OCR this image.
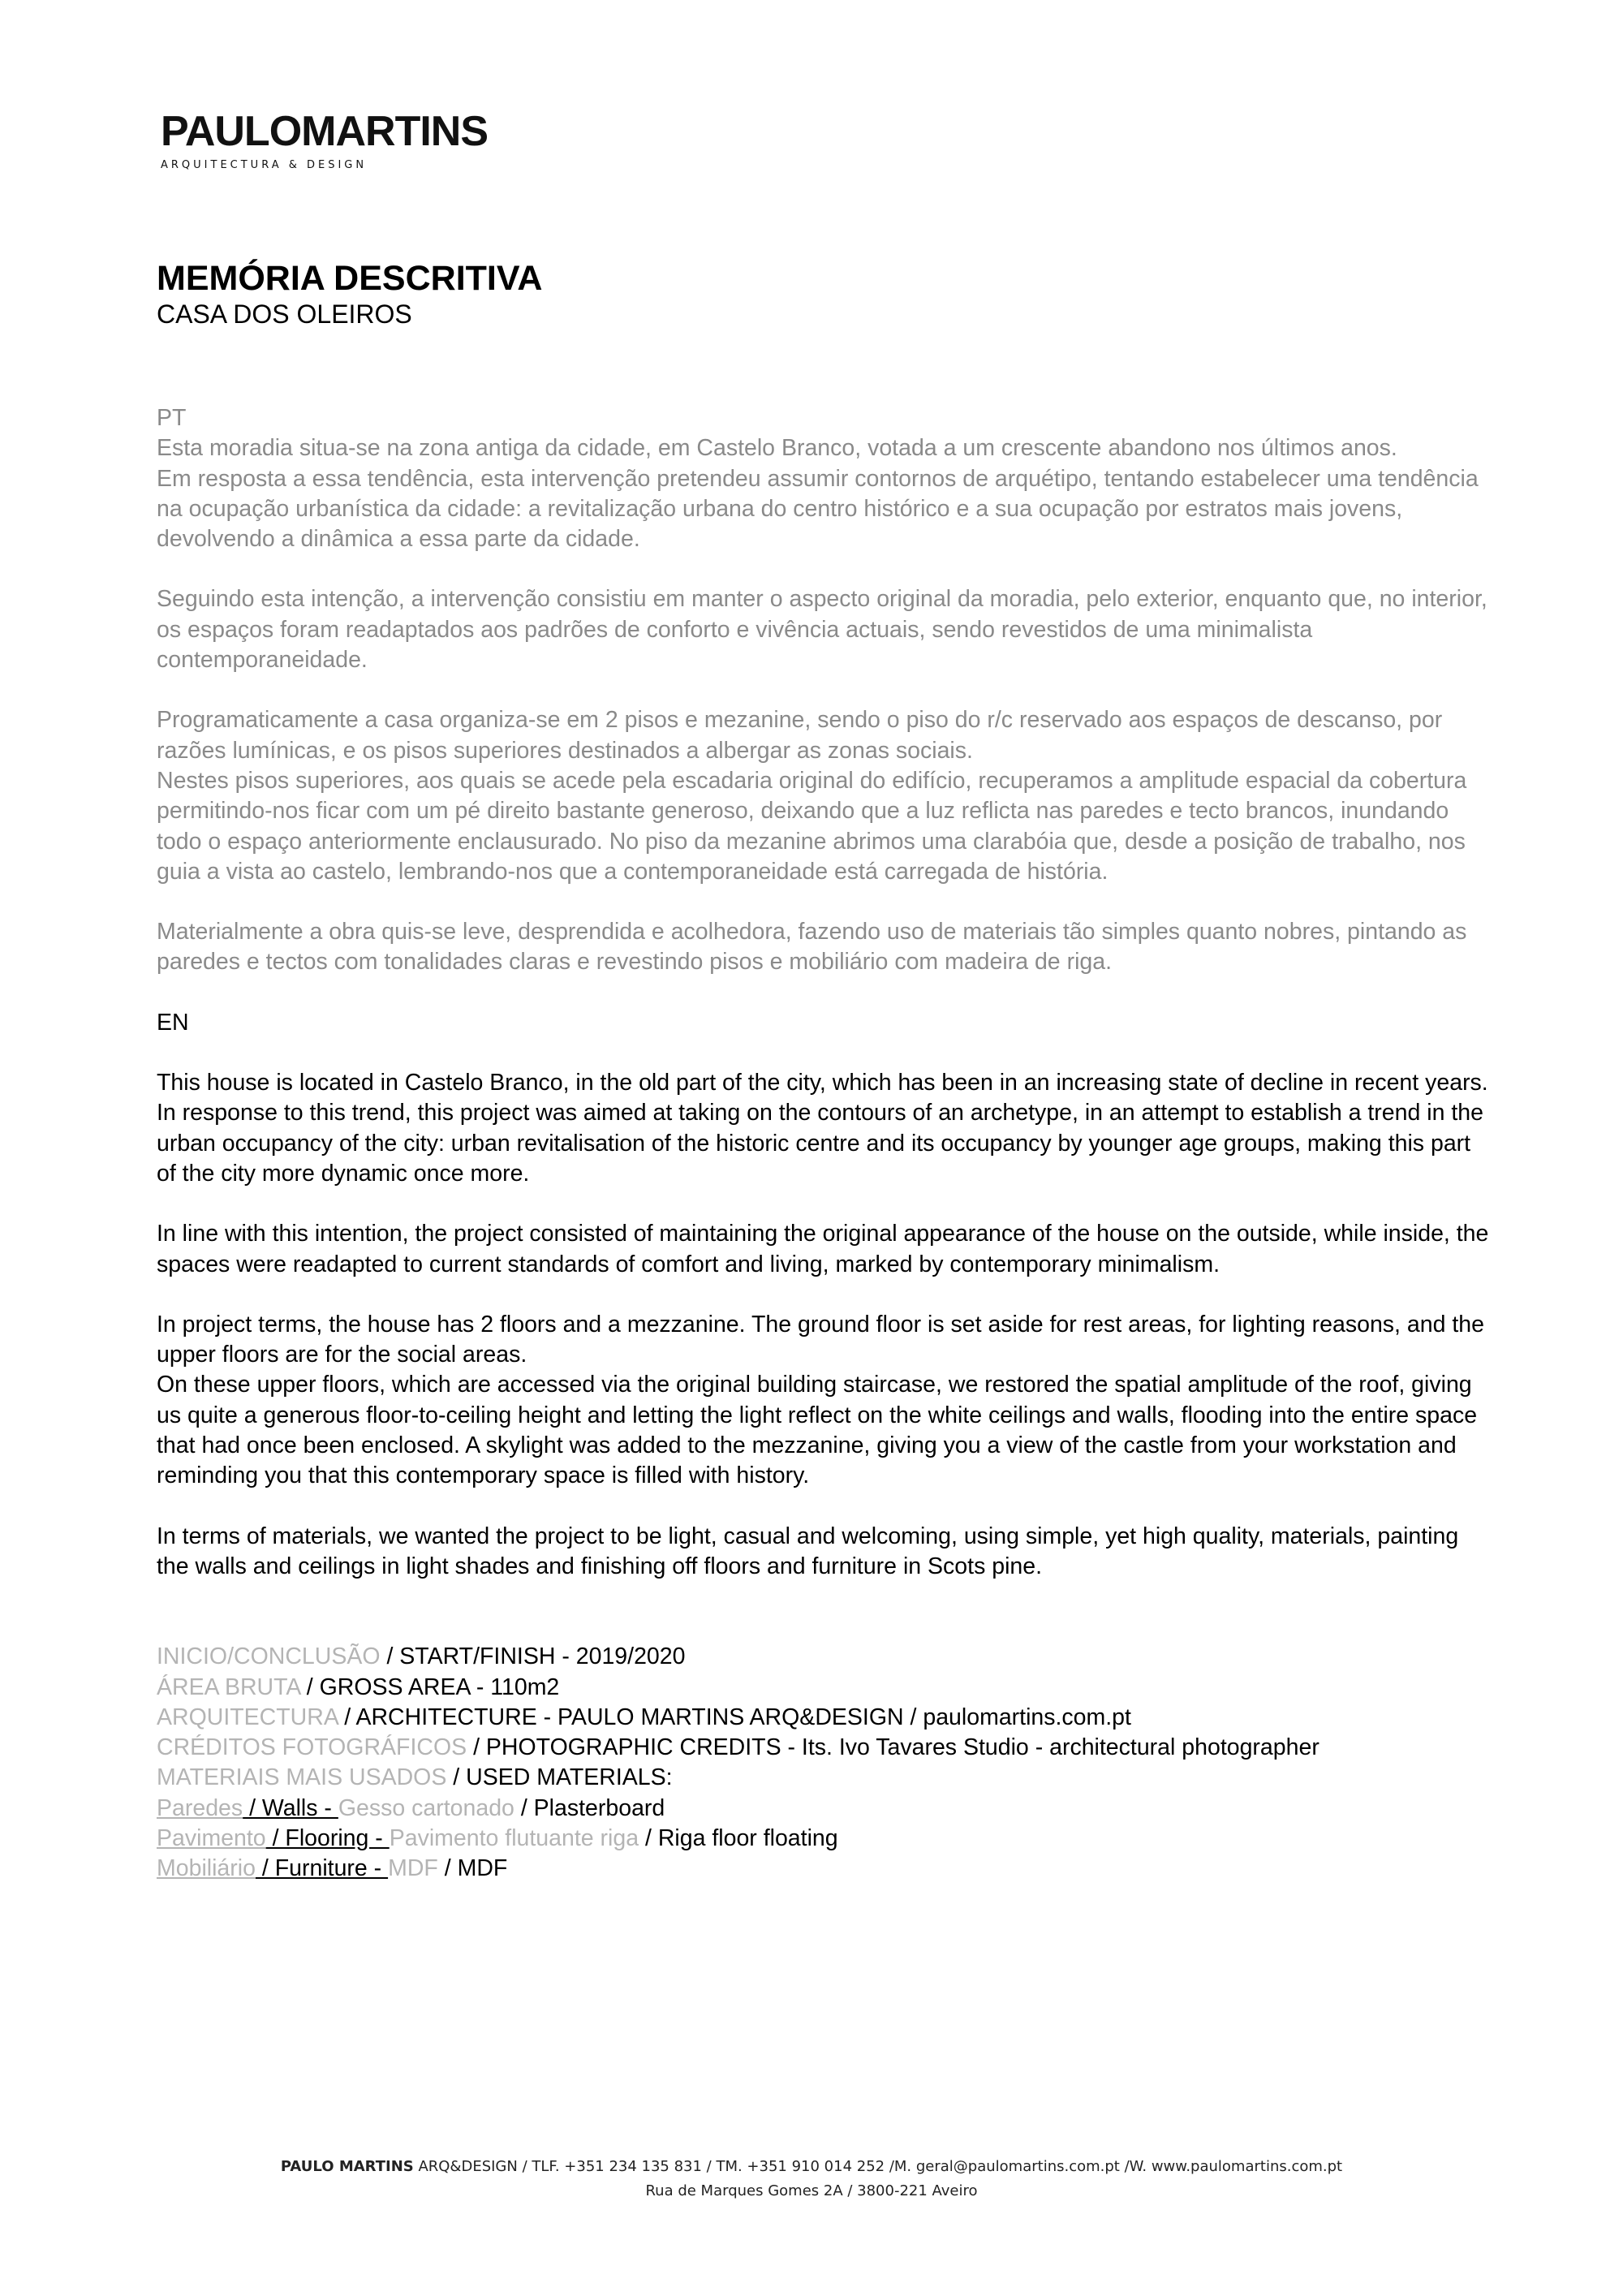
PAULOMARTINS
ARQUITECTURA & DESIGN
MEMÓRIA DESCRITIVA
CASA DOS OLEIROS
PT

Esta moradia situa-se na zona antiga da cidade, em Castelo Branco, votada a um crescente abandono nos últimos anos.

Em resposta a essa tendência, esta intervenção pretendeu assumir contornos de arquétipo, tentando estabelecer uma tendência na ocupação urbanística da cidade: a revitalização urbana do centro histórico e a sua ocupação por estratos mais jovens, devolvendo a dinâmica a essa parte da cidade.

Seguindo esta intenção, a intervenção consistiu em manter o aspecto original da moradia, pelo exterior, enquanto que, no interior, os espaços foram readaptados aos padrões de conforto e vivência actuais, sendo revestidos de uma minimalista contemporaneidade.

Programaticamente a casa organiza-se em 2 pisos e mezanine, sendo o piso do r/c reservado aos espaços de descanso, por razões lumínicas, e os pisos superiores destinados a albergar as zonas sociais.

Nestes pisos superiores, aos quais se acede pela escadaria original do edifício, recuperamos a amplitude espacial da cobertura permitindo-nos ficar com um pé direito bastante generoso, deixando que a luz reflicta nas paredes e tecto brancos, inundando todo o espaço anteriormente enclausurado. No piso da mezanine abrimos uma clarabóia que, desde a posição de trabalho, nos guia a vista ao castelo, lembrando-nos que a contemporaneidade está carregada de história.

Materialmente a obra quis-se leve, desprendida e acolhedora, fazendo uso de materiais tão simples quanto nobres, pintando as paredes e tectos com tonalidades claras e revestindo pisos e mobiliário com madeira de riga.

EN

This house is located in Castelo Branco, in the old part of the city, which has been in an increasing state of decline in recent years.

In response to this trend, this project was aimed at taking on the contours of an archetype, in an attempt to establish a trend in the urban occupancy of the city: urban revitalisation of the historic centre and its occupancy by younger age groups, making this part of the city more dynamic once more.

In line with this intention, the project consisted of maintaining the original appearance of the house on the outside, while inside, the spaces were readapted to current standards of comfort and living, marked by contemporary minimalism.

In project terms, the house has 2 floors and a mezzanine. The ground floor is set aside for rest areas, for lighting reasons, and the upper floors are for the social areas.

On these upper floors, which are accessed via the original building staircase, we restored the spatial amplitude of the roof, giving us quite a generous floor-to-ceiling height and letting the light reflect on the white ceilings and walls, flooding into the entire space that had once been enclosed. A skylight was added to the mezzanine, giving you a view of the castle from your workstation and reminding you that this contemporary space is filled with history.

In terms of materials, we wanted the project to be light, casual and welcoming, using simple, yet high quality, materials, painting the walls and ceilings in light shades and finishing off floors and furniture in Scots pine.

INICIO/CONCLUSÃO / START/FINISH - 2019/2020
ÁREA BRUTA / GROSS AREA - 110m2
ARQUITECTURA / ARCHITECTURE - PAULO MARTINS ARQ&DESIGN / paulomartins.com.pt
CRÉDITOS FOTOGRÁFICOS / PHOTOGRAPHIC CREDITS - Its. Ivo Tavares Studio - architectural photographer
MATERIAIS MAIS USADOS / USED MATERIALS:
Paredes / Walls - Gesso cartonado / Plasterboard
Pavimento / Flooring - Pavimento flutuante riga / Riga floor floating
Mobiliário / Furniture - MDF / MDF
PAULO MARTINS ARQ&DESIGN / TLF. +351 234 135 831 / TM. +351 910 014 252 /M. geral@paulomartins.com.pt /W. www.paulomartins.com.pt
Rua de Marques Gomes 2A / 3800-221 Aveiro
